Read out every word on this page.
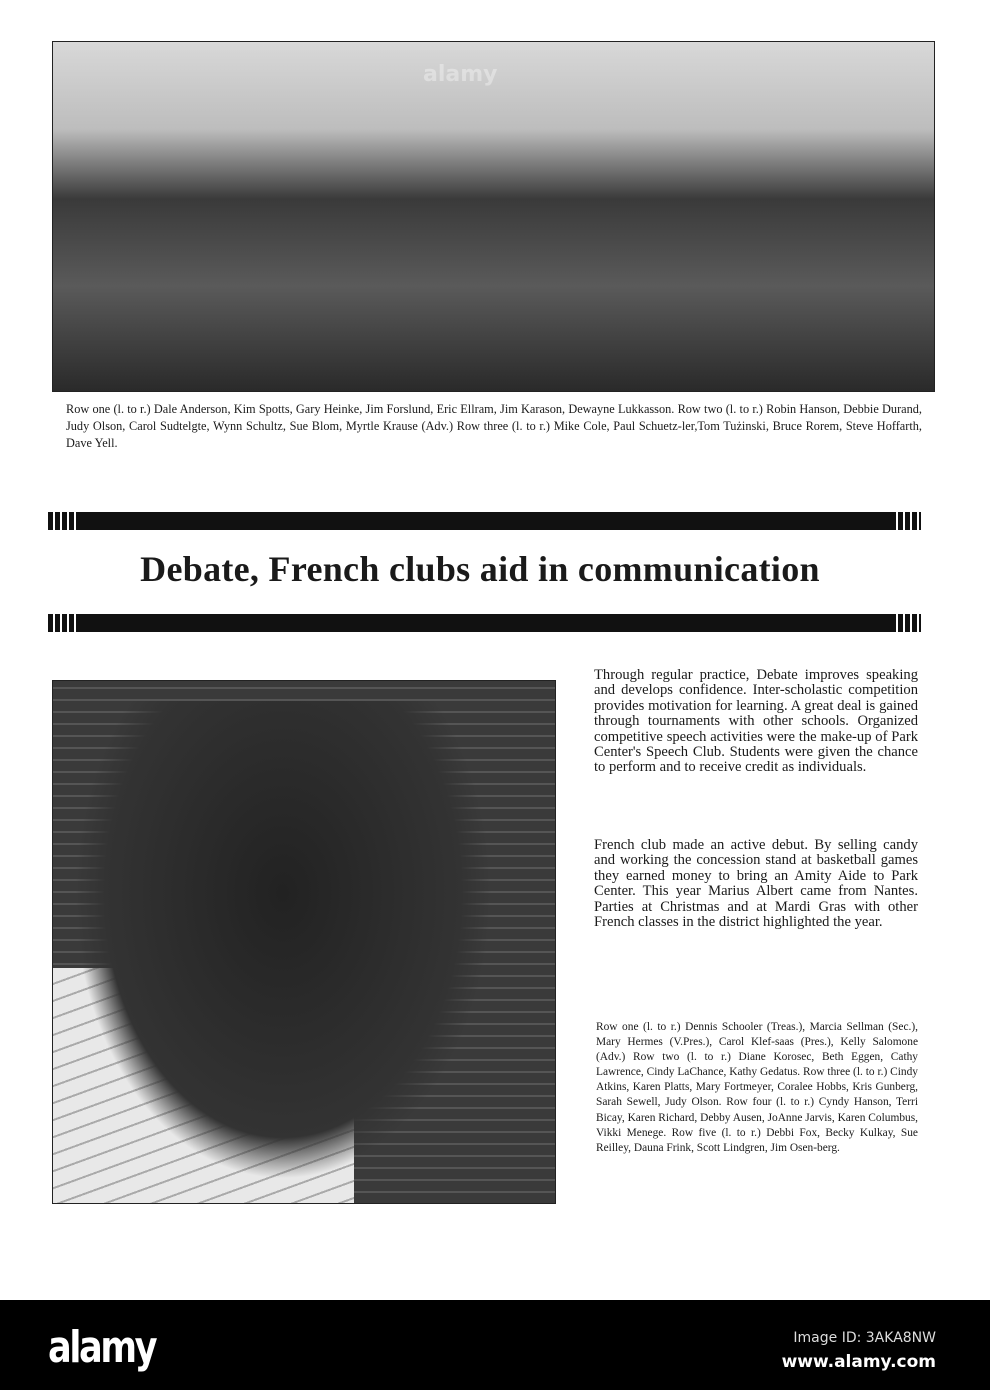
alamy

Row one (l. to r.) Dale Anderson, Kim Spotts, Gary Heinke, Jim Forslund, Eric Ellram, Jim Karason, Dewayne Lukkasson. Row two (l. to r.) Robin Hanson, Debbie Durand, Judy Olson, Carol Sudtelgte, Wynn Schultz, Sue Blom, Myrtle Krause (Adv.) Row three (l. to r.) Mike Cole, Paul Schuetz-ler,Tom Tużinski, Bruce Rorem, Steve Hoffarth, Dave Yell.

Debate, French clubs aid in communication

Through regular practice, Debate improves speaking and develops confidence. Inter-scholastic competition provides motivation for learning. A great deal is gained through tournaments with other schools. Organized competitive speech activities were the make-up of Park Center's Speech Club. Students were given the chance to perform and to receive credit as individuals.

French club made an active debut. By selling candy and working the concession stand at basketball games they earned money to bring an Amity Aide to Park Center. This year Marius Albert came from Nantes. Parties at Christmas and at Mardi Gras with other French classes in the district highlighted the year.

Row one (l. to r.) Dennis Schooler (Treas.), Marcia Sellman (Sec.), Mary Hermes (V.Pres.), Carol Klef-saas (Pres.), Kelly Salomone (Adv.) Row two (l. to r.) Diane Korosec, Beth Eggen, Cathy Lawrence, Cindy LaChance, Kathy Gedatus. Row three (l. to r.) Cindy Atkins, Karen Platts, Mary Fortmeyer, Coralee Hobbs, Kris Gunberg, Sarah Sewell, Judy Olson. Row four (l. to r.) Cyndy Hanson, Terri Bicay, Karen Richard, Debby Ausen, JoAnne Jarvis, Karen Columbus, Vikki Menege. Row five (l. to r.) Debbi Fox, Becky Kulkay, Sue Reilley, Dauna Frink, Scott Lindgren, Jim Osen-berg.

alamy	Image ID: 3AKA8NW
www.alamy.com
